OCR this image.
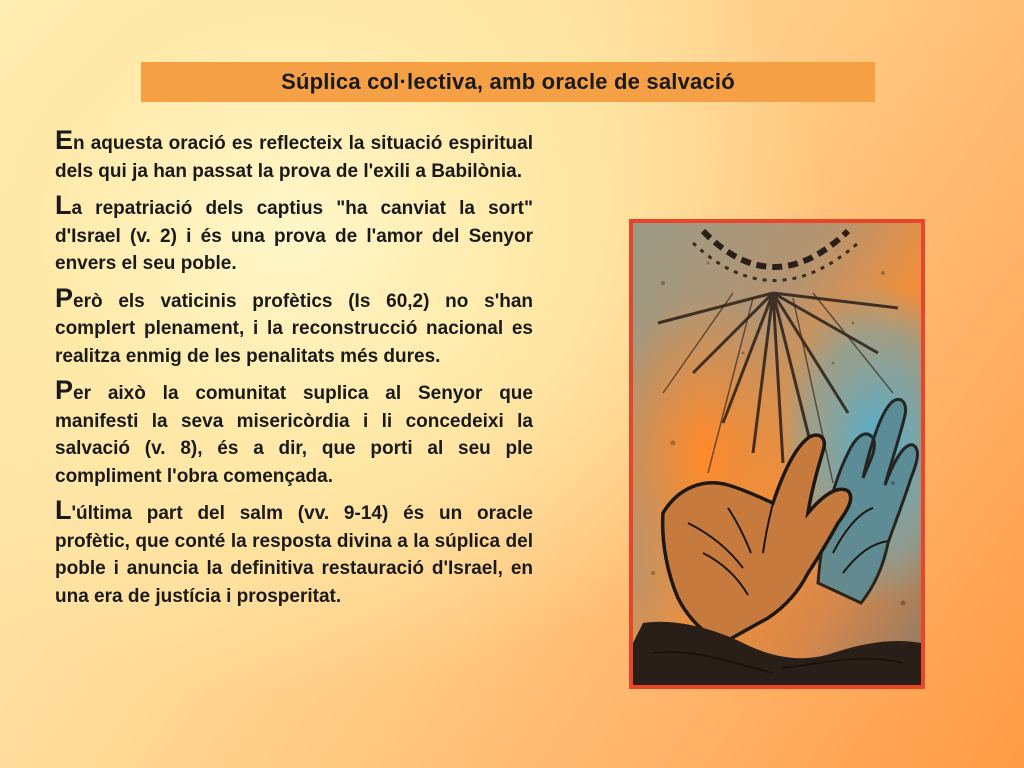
Súplica col·lectiva, amb oracle de salvació

En aquesta oració es reflecteix la situació espiritual dels qui ja han passat la prova de l'exili a Babilònia.

La repatriació dels captius "ha canviat la sort" d'Israel (v. 2) i és una prova de l'amor del Senyor envers el seu poble.

Però els vaticinis profètics (Is 60,2) no s'han complert plenament, i la reconstrucció nacional es realitza enmig de les penalitats més dures.

Per això la comunitat suplica al Senyor que manifesti la seva misericòrdia i li concedeixi la salvació (v. 8), és a dir, que porti al seu ple compliment l'obra començada.

L'última part del salm (vv. 9-14) és un oracle profètic, que conté la resposta divina a la súplica del poble i anuncia la definitiva restauració d'Israel, en una era de justícia i prosperitat.
